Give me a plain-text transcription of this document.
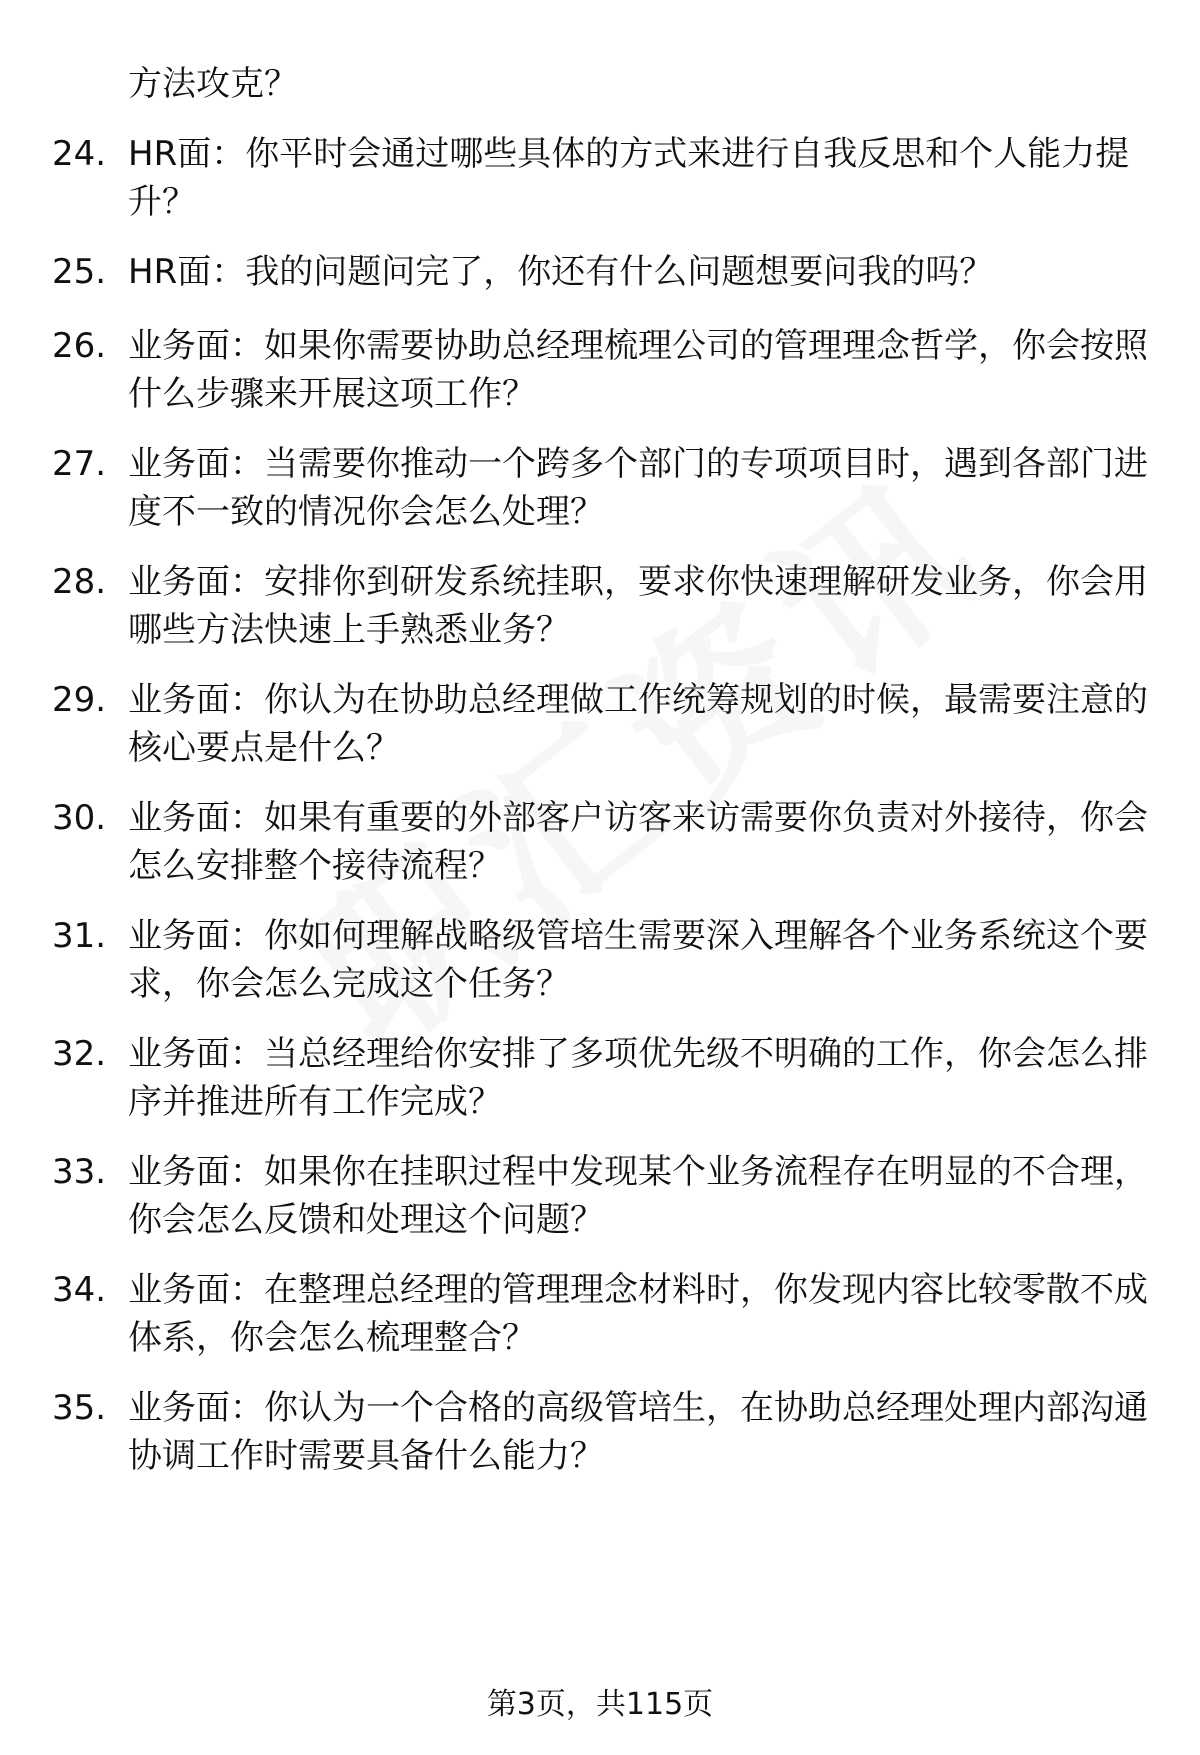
方法攻克？
24. HR面：你平时会通过哪些具体的方式来进行自我反思和个人能力提升？
25. HR面：我的问题问完了，你还有什么问题想要问我的吗？
26. 业务面：如果你需要协助总经理梳理公司的管理理念哲学，你会按照什么步骤来开展这项工作？
27. 业务面：当需要你推动一个跨多个部门的专项项目时，遇到各部门进度不一致的情况你会怎么处理？
28. 业务面：安排你到研发系统挂职，要求你快速理解研发业务，你会用哪些方法快速上手熟悉业务？
29. 业务面：你认为在协助总经理做工作统筹规划的时候，最需要注意的核心要点是什么？
30. 业务面：如果有重要的外部客户访客来访需要你负责对外接待，你会怎么安排整个接待流程？
31. 业务面：你如何理解战略级管培生需要深入理解各个业务系统这个要求，你会怎么完成这个任务？
32. 业务面：当总经理给你安排了多项优先级不明确的工作，你会怎么排序并推进所有工作完成？
33. 业务面：如果你在挂职过程中发现某个业务流程存在明显的不合理，你会怎么反馈和处理这个问题？
34. 业务面：在整理总经理的管理理念材料时，你发现内容比较零散不成体系，你会怎么梳理整合？
35. 业务面：你认为一个合格的高级管培生，在协助总经理处理内部沟通协调工作时需要具备什么能力？
第3页，共115页
